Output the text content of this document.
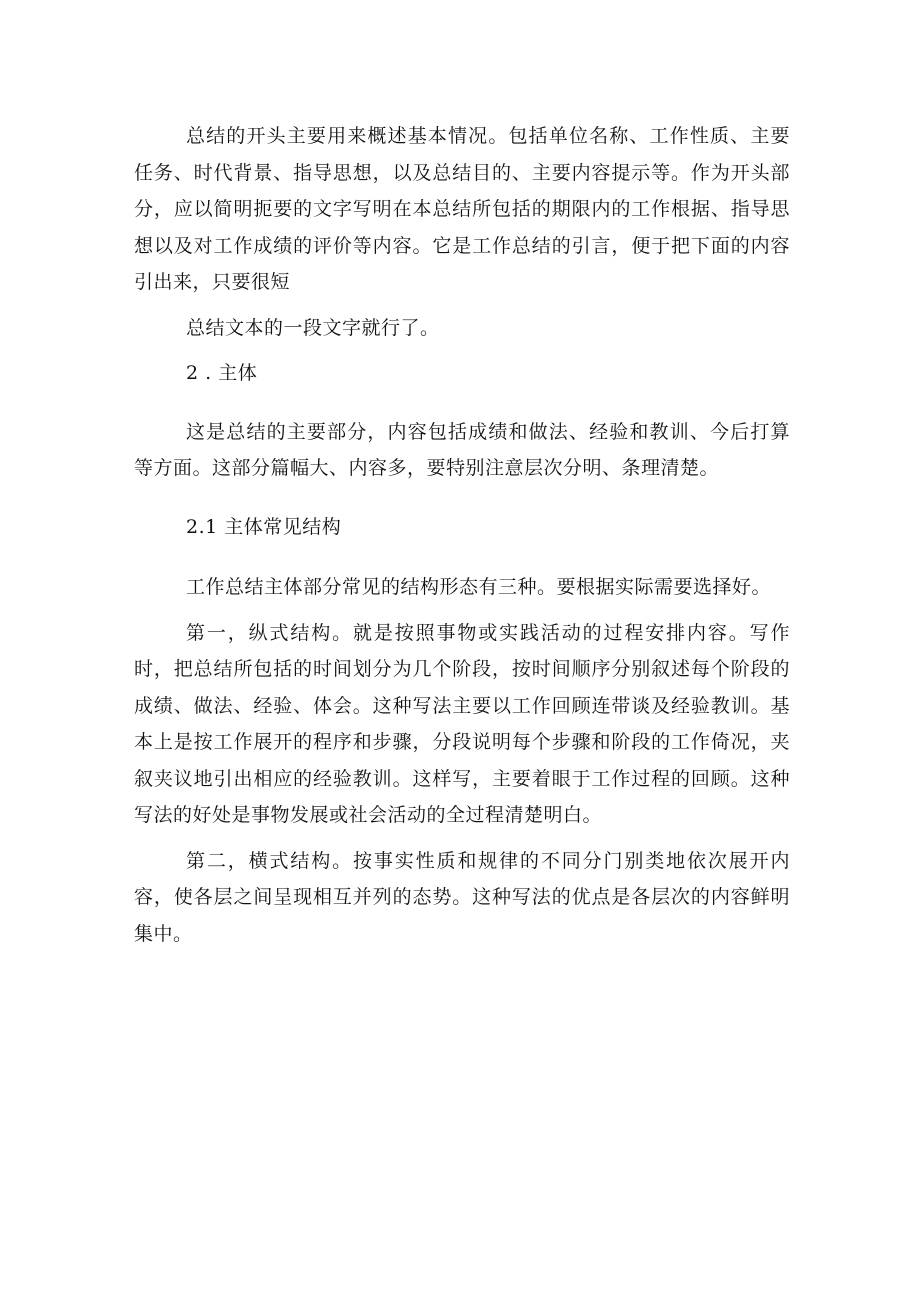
总结的开头主要用来概述基本情况。包括单位名称、工作性质、主要任务、时代背景、指导思想，以及总结目的、主要内容提示等。作为开头部分，应以简明扼要的文字写明在本总结所包括的期限内的工作根据、指导思想以及对工作成绩的评价等内容。它是工作总结的引言，便于把下面的内容引出来，只要很短

总结文本的一段文字就行了。

2 . 主体

这是总结的主要部分，内容包括成绩和做法、经验和教训、今后打算等方面。这部分篇幅大、内容多，要特别注意层次分明、条理清楚。

2.1 主体常见结构

工作总结主体部分常见的结构形态有三种。要根据实际需要选择好。

第一，纵式结构。就是按照事物或实践活动的过程安排内容。写作时，把总结所包括的时间划分为几个阶段，按时间顺序分别叙述每个阶段的成绩、做法、经验、体会。这种写法主要以工作回顾连带谈及经验教训。基本上是按工作展开的程序和步骤，分段说明每个步骤和阶段的工作倚况，夹叙夹议地引出相应的经验教训。这样写，主要着眼于工作过程的回顾。这种写法的好处是事物发展或社会活动的全过程清楚明白。

第二，横式结构。按事实性质和规律的不同分门别类地依次展开内容，使各层之间呈现相互并列的态势。这种写法的优点是各层次的内容鲜明集中。
